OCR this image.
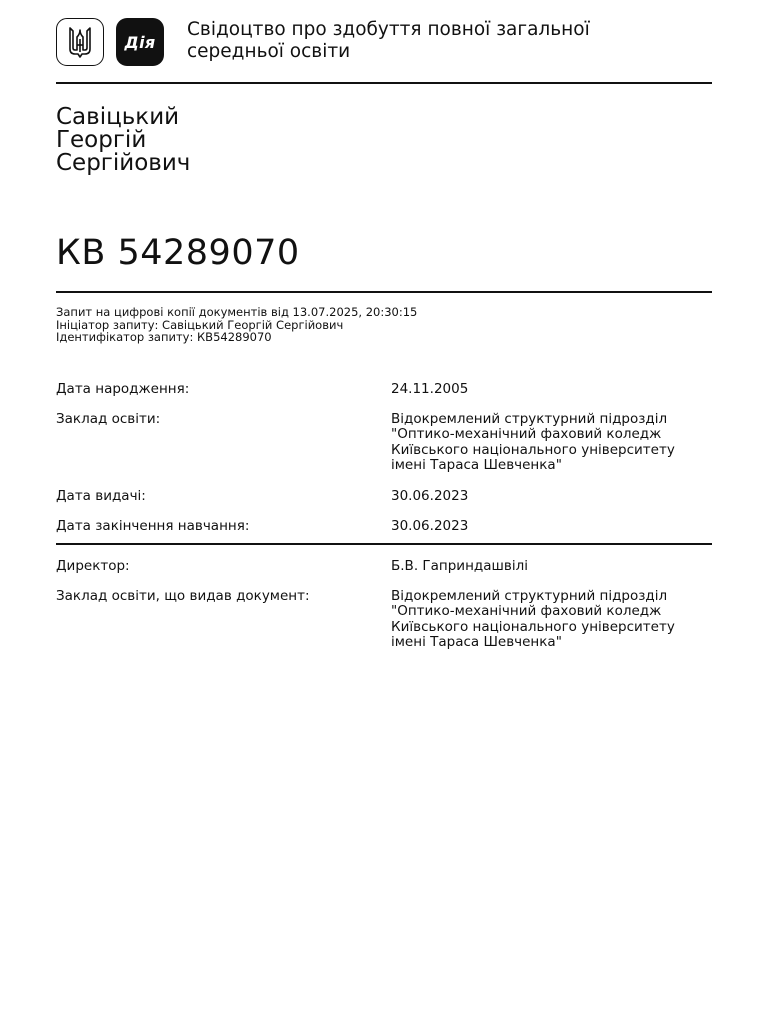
Дія
Свідоцтво про здобуття повної загальної середньої освіти
Савіцький
Георгій
Сергійович
КВ 54289070
Запит на цифрові копії документів від 13.07.2025, 20:30:15
Ініціатор запиту: Савіцький Георгій Сергійович
Ідентифікатор запиту: КВ54289070
Дата народження:	24.11.2005
Заклад освіти:	Відокремлений структурний підрозділ
"Оптико-механічний фаховий коледж
Київського національного університету
імені Тараса Шевченка"
Дата видачі:	30.06.2023
Дата закінчення навчання:	30.06.2023
Директор:	Б.В. Гаприндашвілі
Заклад освіти, що видав документ:	Відокремлений структурний підрозділ
"Оптико-механічний фаховий коледж
Київського національного університету
імені Тараса Шевченка"
